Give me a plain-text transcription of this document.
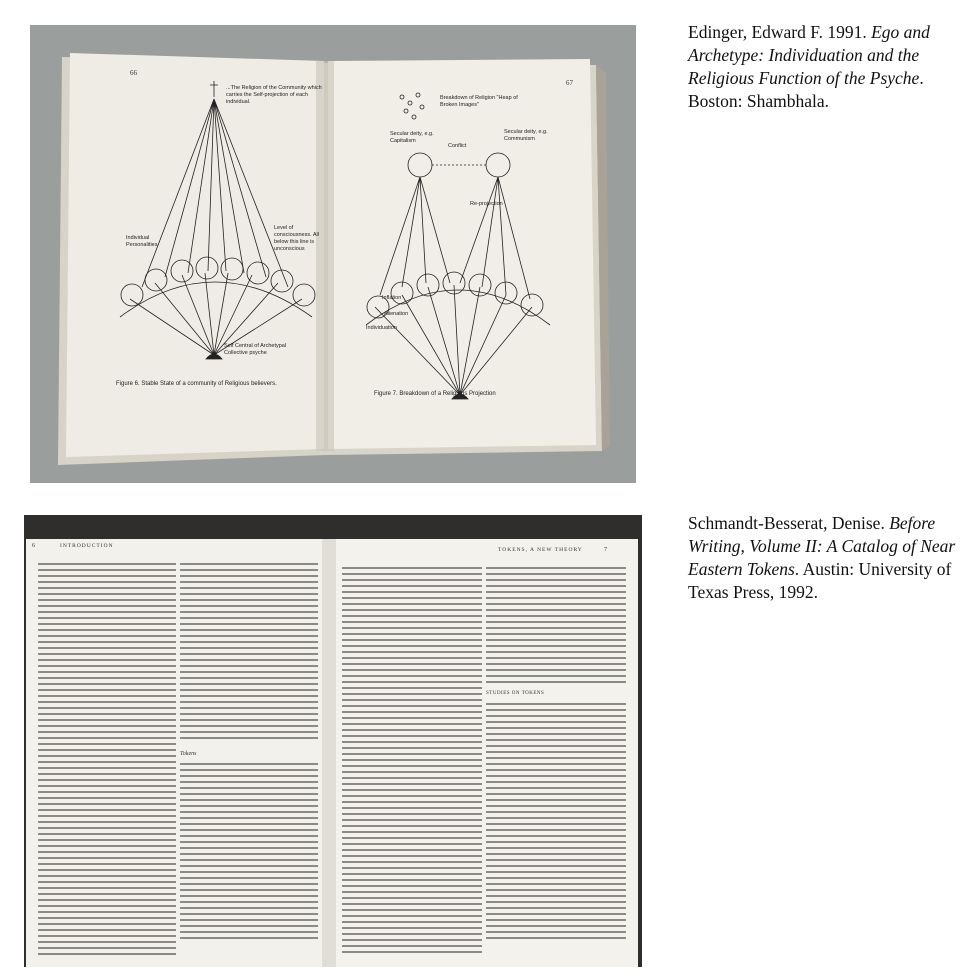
66
67
...The Religion of the Community which carries the Self-projection of each individual.
Individual Personalities
Level of consciousness. All below this line is unconscious
Self Central of Archetypal Collective psyche
Breakdown of Religion "Heap of Broken Images"
Secular deity, e.g. Capitalism
Conflict
Secular deity, e.g. Communism
Re-projection
Inflation
Alienation
Individuation
Figure 6. Stable State of a community of Religious believers.
Figure 7. Breakdown of a Religious Projection
Edinger, Edward F. 1991. Ego and Archetype: Individuation and the Religious Function of the Psyche. Boston: Shambhala.
6	INTRODUCTION
TOKENS, A NEW THEORY	7
Tokens
STUDIES ON TOKENS
Schmandt-Besserat, Denise. Before Writing, Volume II: A Catalog of Near Eastern Tokens. Austin: University of Texas Press, 1992.
